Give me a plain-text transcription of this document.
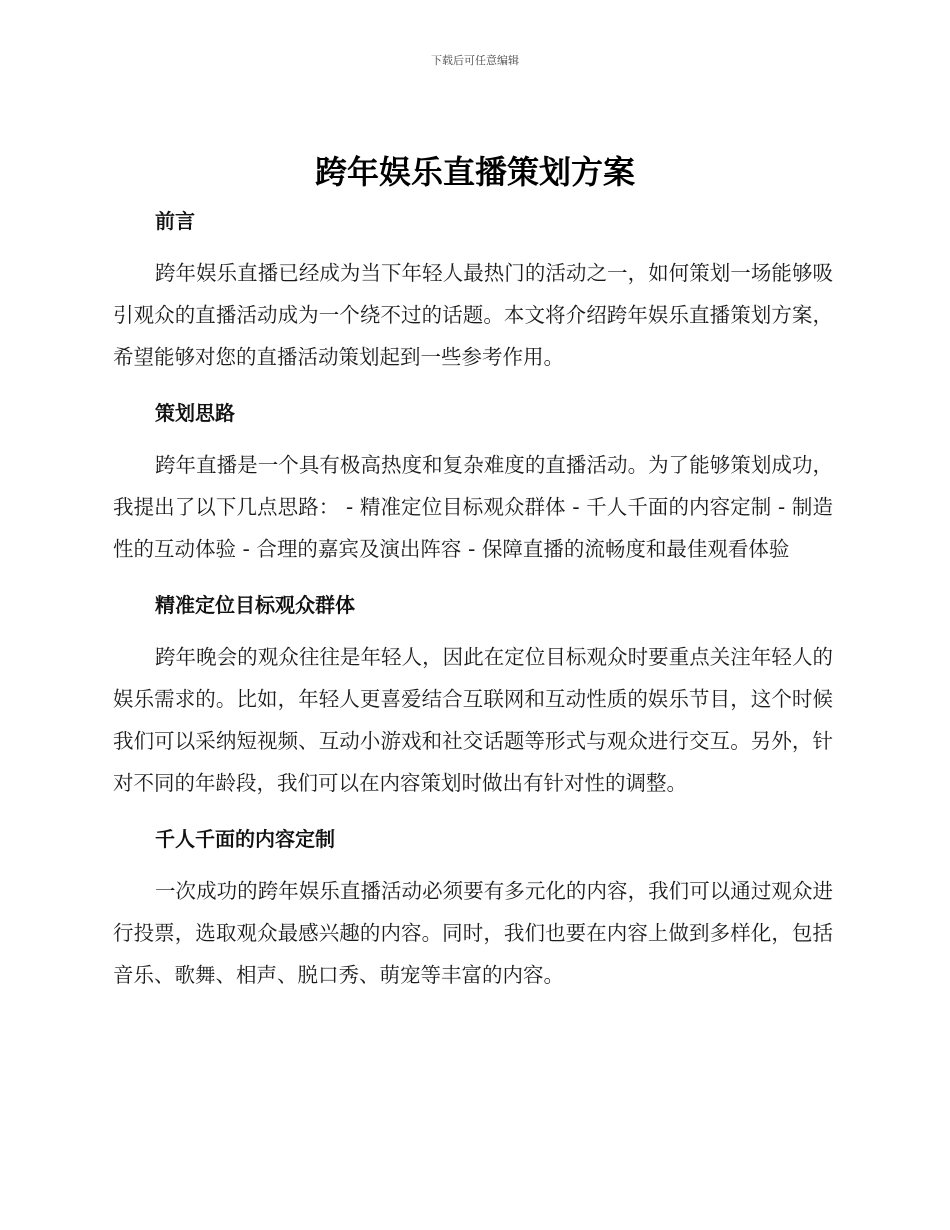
下载后可任意编辑
跨年娱乐直播策划方案
前言

跨年娱乐直播已经成为当下年轻人最热门的活动之一，如何策划一场能够吸引观众的直播活动成为一个绕不过的话题。本文将介绍跨年娱乐直播策划方案，希望能够对您的直播活动策划起到一些参考作用。

策划思路

跨年直播是一个具有极高热度和复杂难度的直播活动。为了能够策划成功，我提出了以下几点思路： - 精准定位目标观众群体 - 千人千面的内容定制 - 制造性的互动体验 - 合理的嘉宾及演出阵容 - 保障直播的流畅度和最佳观看体验

精准定位目标观众群体

跨年晚会的观众往往是年轻人，因此在定位目标观众时要重点关注年轻人的娱乐需求的。比如，年轻人更喜爱结合互联网和互动性质的娱乐节目，这个时候我们可以采纳短视频、互动小游戏和社交话题等形式与观众进行交互。另外，针对不同的年龄段，我们可以在内容策划时做出有针对性的调整。

千人千面的内容定制

一次成功的跨年娱乐直播活动必须要有多元化的内容，我们可以通过观众进行投票，选取观众最感兴趣的内容。同时，我们也要在内容上做到多样化，包括音乐、歌舞、相声、脱口秀、萌宠等丰富的内容。
